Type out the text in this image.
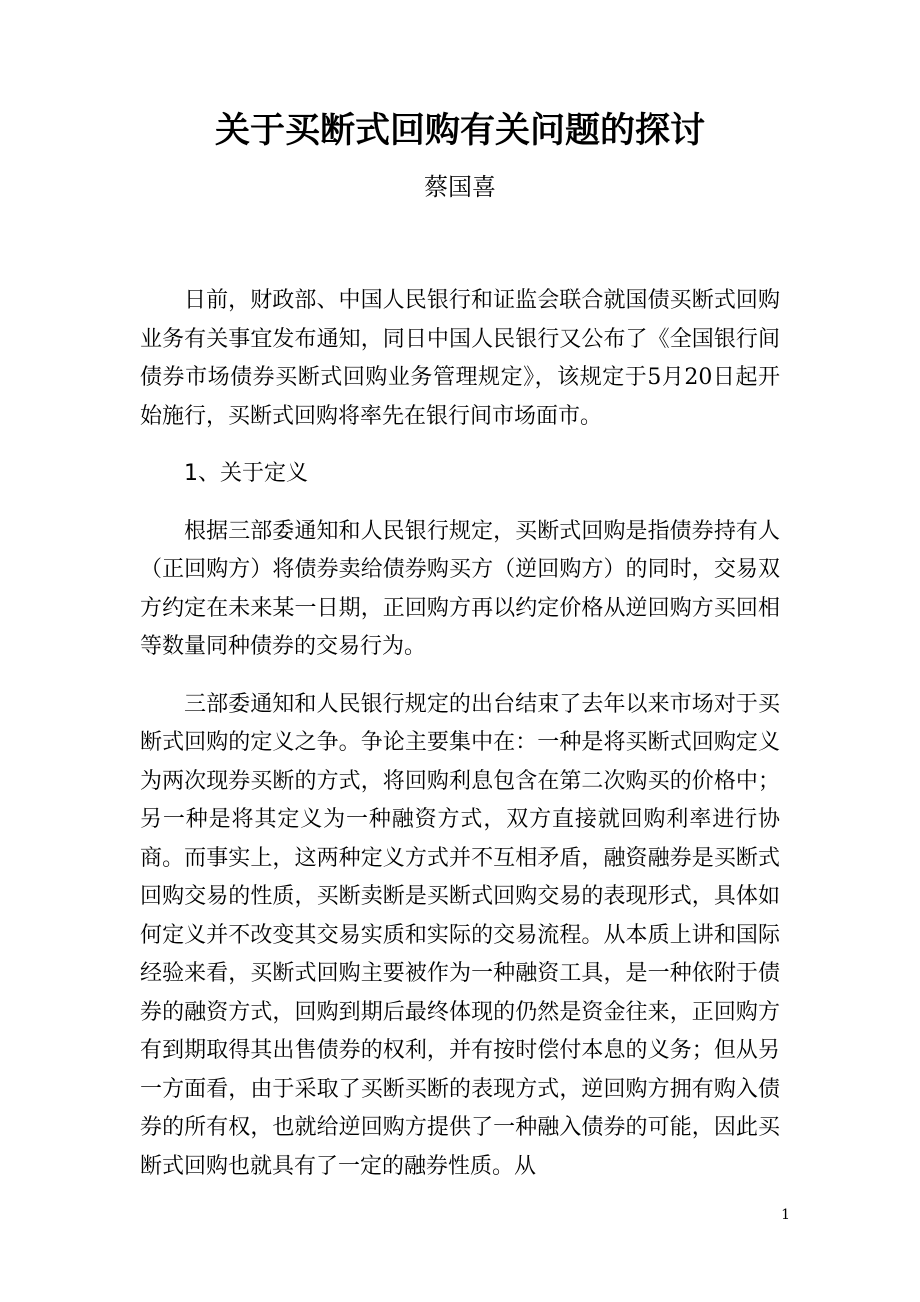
关于买断式回购有关问题的探讨
蔡国喜

日前，财政部、中国人民银行和证监会联合就国债买断式回购业务有关事宜发布通知，同日中国人民银行又公布了《全国银行间债券市场债券买断式回购业务管理规定》，该规定于5月20日起开始施行，买断式回购将率先在银行间市场面市。

1、关于定义

根据三部委通知和人民银行规定，买断式回购是指债券持有人（正回购方）将债券卖给债券购买方（逆回购方）的同时，交易双方约定在未来某一日期，正回购方再以约定价格从逆回购方买回相等数量同种债券的交易行为。

三部委通知和人民银行规定的出台结束了去年以来市场对于买断式回购的定义之争。争论主要集中在：一种是将买断式回购定义为两次现券买断的方式，将回购利息包含在第二次购买的价格中；另一种是将其定义为一种融资方式，双方直接就回购利率进行协商。而事实上，这两种定义方式并不互相矛盾，融资融券是买断式回购交易的性质，买断卖断是买断式回购交易的表现形式，具体如何定义并不改变其交易实质和实际的交易流程。从本质上讲和国际经验来看，买断式回购主要被作为一种融资工具，是一种依附于债券的融资方式，回购到期后最终体现的仍然是资金往来，正回购方有到期取得其出售债券的权利，并有按时偿付本息的义务；但从另一方面看，由于采取了买断买断的表现方式，逆回购方拥有购入债券的所有权，也就给逆回购方提供了一种融入债券的可能，因此买断式回购也就具有了一定的融券性质。从

1
